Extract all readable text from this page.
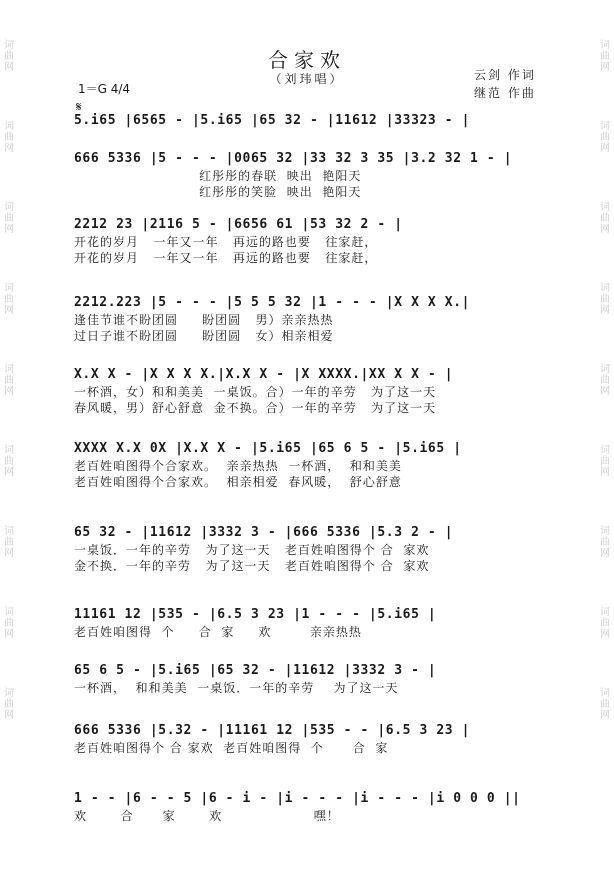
词
曲
网
词
曲
网
词
曲
网
词
曲
网
词
曲
网
词
曲
网
词
曲
网
词
曲
网
词
曲
网
词
曲
网
词
曲
网
词
曲
网
词
曲
网
词
曲
网
词
曲
网
词
曲
网
词
曲
网
词
曲
网
合家欢
（刘玮唱）
1＝G 4/4
云剑 作词
继范 作曲
𝄋
5.i65 |6565 - |5.i65 |65 32 - |11612 |33323 - |
666 5336 |5 - - - |0065 32 |33 32 3 35 |3.2 32 1 - |
红彤彤的春联  映出  艳阳天
红彤彤的笑脸  映出  艳阳天
2212 23 |2116 5 - |6656 61 |53 32 2 - |
开花的岁月   一年又一年   再远的路也要   往家赶，
开花的岁月   一年又一年   再远的路也要   往家赶，
2212.223 |5 - - - |5 5 5 32 |1 - - - |X X X X.|
逢佳节谁不盼团圆     盼团圆   男）亲亲热热
过日子谁不盼团圆     盼团圆   女）相亲相爱
X.X X - |X X X X.|X.X X - |X XXXX.|XX X X - |
一杯酒，女）和和美美  一桌饭。合）一年的辛劳   为了这一天
春风暖，男）舒心舒意  金不换。合）一年的辛劳   为了这一天
XXXX X.X 0X |X.X X - |5.i65 |65 6 5 - |5.i65 |
老百姓咱图得个合家欢。  亲亲热热  一杯酒，  和和美美
老百姓咱图得个合家欢。  相亲相爱  春风暖，  舒心舒意
65 32 - |11612 |3332 3 - |666 5336 |5.3 2 - |
一桌饭．一年的辛劳   为了这一天   老百姓咱图得个 合  家欢
金不换．一年的辛劳   为了这一天   老百姓咱图得个 合  家欢
11161 12 |535 - |6.5 3 23 |1 - - - |5.i65 |
老百姓咱图得  个     合  家     欢        亲亲热热
65 6 5 - |5.i65 |65 32 - |11612 |3332 3 - |
一杯酒，  和和美美  一桌饭．一年的辛劳    为了这一天
666 5336 |5.32 - |11161 12 |535 - - |6.5 3 23 |
老百姓咱图得个 合 家欢  老百姓咱图得  个      合  家
1 - - |6 - - 5 |6 - i - |i - - - |i - - - |i 0 0 0 ||
欢       合      家       欢                   嘿！
